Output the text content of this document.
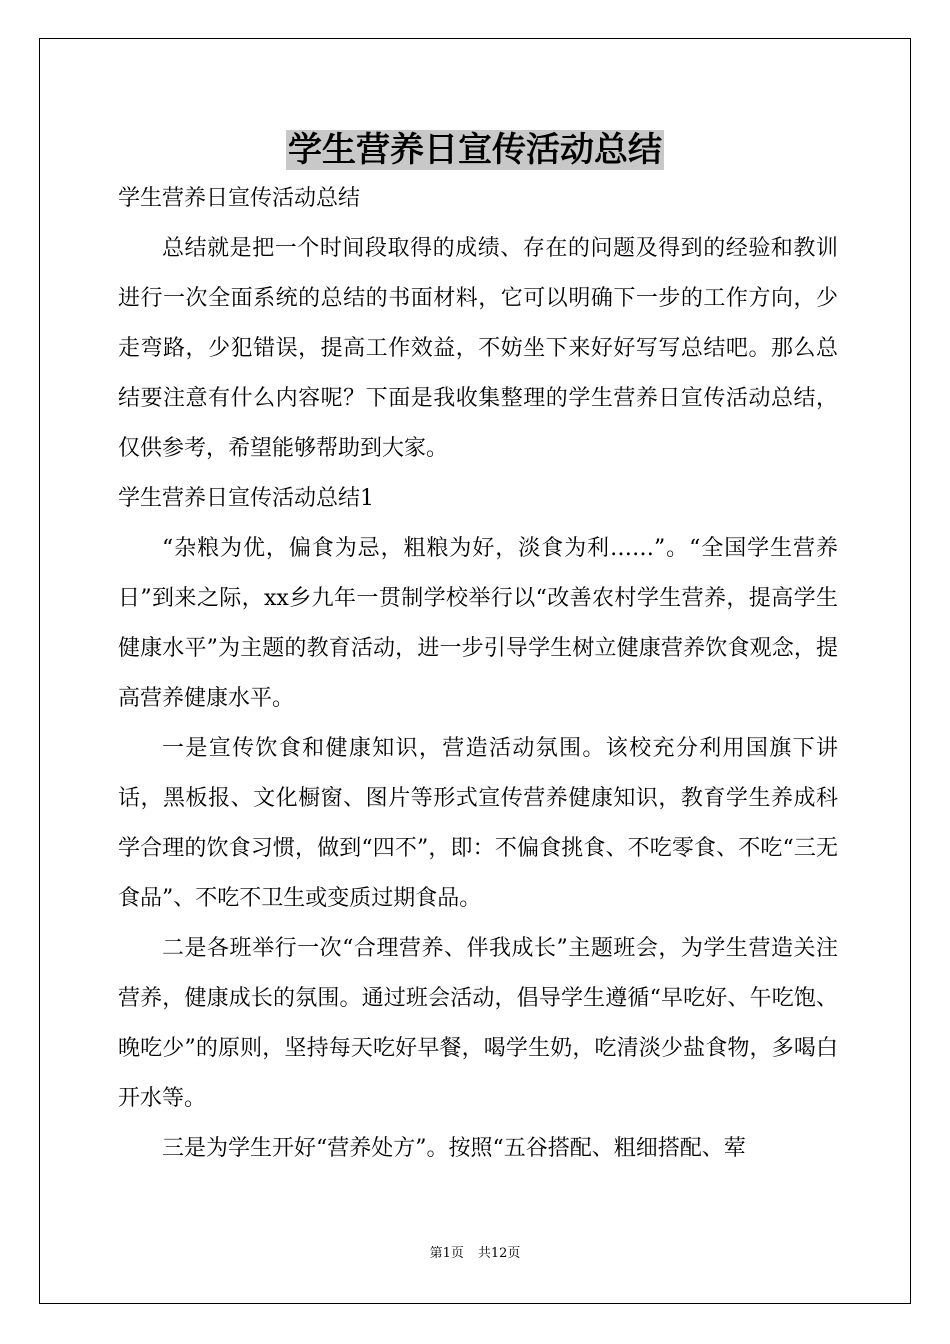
学生营养日宣传活动总结

学生营养日宣传活动总结

总结就是把一个时间段取得的成绩、存在的问题及得到的经验和教训进行一次全面系统的总结的书面材料，它可以明确下一步的工作方向，少走弯路，少犯错误，提高工作效益，不妨坐下来好好写写总结吧。那么总结要注意有什么内容呢？下面是我收集整理的学生营养日宣传活动总结，仅供参考，希望能够帮助到大家。

学生营养日宣传活动总结1

“杂粮为优，偏食为忌，粗粮为好，淡食为利……”。“全国学生营养日”到来之际，xx乡九年一贯制学校举行以“改善农村学生营养，提高学生健康水平”为主题的教育活动，进一步引导学生树立健康营养饮食观念，提高营养健康水平。

一是宣传饮食和健康知识，营造活动氛围。该校充分利用国旗下讲话，黑板报、文化橱窗、图片等形式宣传营养健康知识，教育学生养成科学合理的饮食习惯，做到“四不”，即：不偏食挑食、不吃零食、不吃“三无食品”、不吃不卫生或变质过期食品。

二是各班举行一次“合理营养、伴我成长”主题班会，为学生营造关注营养，健康成长的氛围。通过班会活动，倡导学生遵循“早吃好、午吃饱、晚吃少”的原则，坚持每天吃好早餐，喝学生奶，吃清淡少盐食物，多喝白开水等。

三是为学生开好“营养处方”。按照“五谷搭配、粗细搭配、荤

第1页 共12页
